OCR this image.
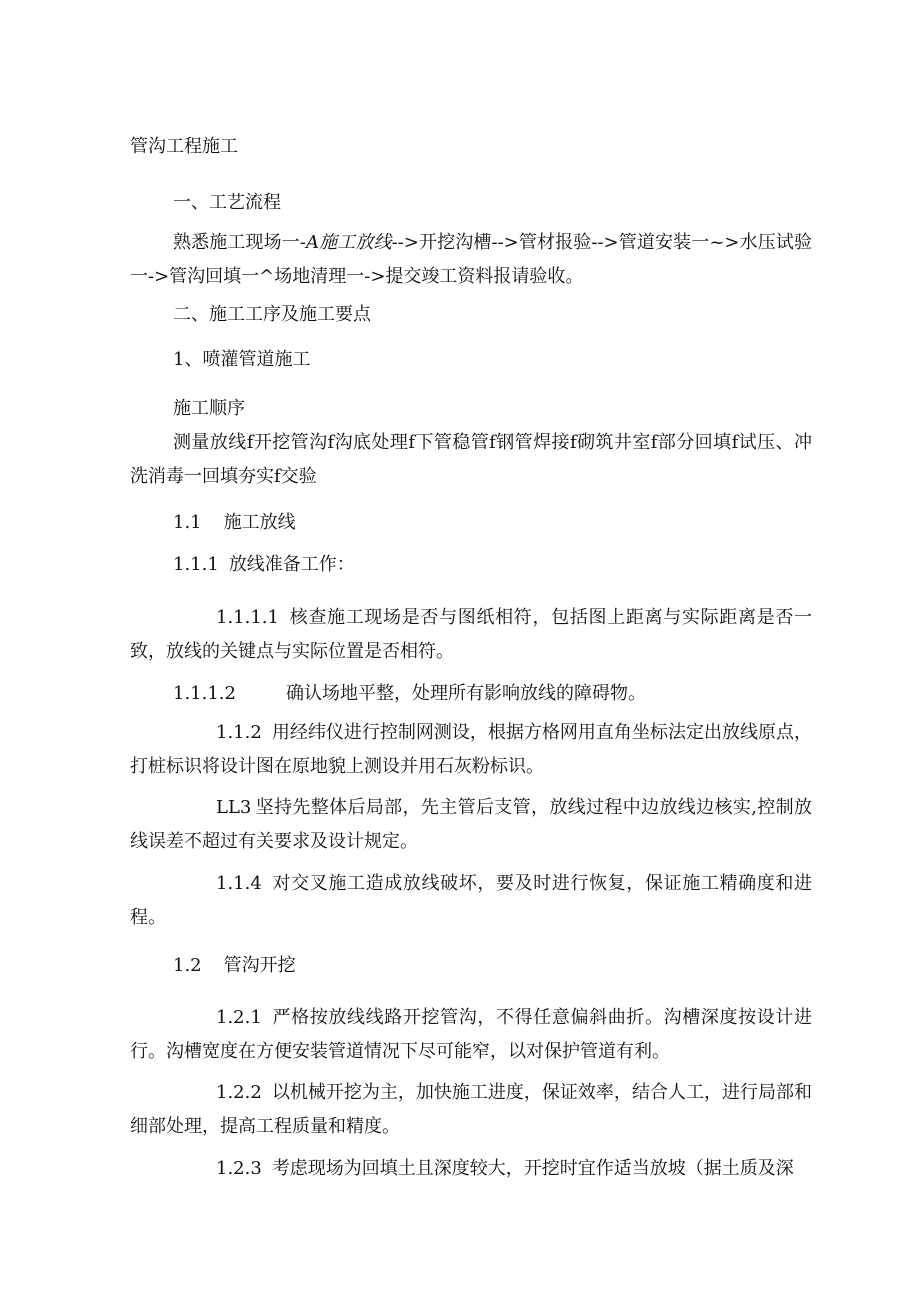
管沟工程施工
一、工艺流程
熟悉施工现场一-A施工放线-->开挖沟槽-->管材报验-->管道安装一~>水压试验一->管沟回填一^场地清理一->提交竣工资料报请验收。
二、施工工序及施工要点
1、喷灌管道施工
施工顺序
测量放线f开挖管沟f沟底处理f下管稳管f钢管焊接f砌筑井室f部分回填f试压、冲洗消毒一回填夯实f交验
1.1 施工放线
1.1.1 放线准备工作：
1.1.1.1 核查施工现场是否与图纸相符，包括图上距离与实际距离是否一致，放线的关键点与实际位置是否相符。
1.1.1.2	确认场地平整，处理所有影响放线的障碍物。
1.1.2 用经纬仪进行控制网测设，根据方格网用直角坐标法定出放线原点，打桩标识将设计图在原地貌上测设并用石灰粉标识。
LL3 坚持先整体后局部，先主管后支管，放线过程中边放线边核实,控制放线误差不超过有关要求及设计规定。
1.1.4 对交叉施工造成放线破坏，要及时进行恢复，保证施工精确度和进程。
1.2 管沟开挖
1.2.1 严格按放线线路开挖管沟，不得任意偏斜曲折。沟槽深度按设计进行。沟槽宽度在方便安装管道情况下尽可能窄，以对保护管道有利。
1.2.2 以机械开挖为主，加快施工进度，保证效率，结合人工，进行局部和细部处理，提高工程质量和精度。
1.2.3 考虑现场为回填土且深度较大，开挖时宜作适当放坡（据土质及深
